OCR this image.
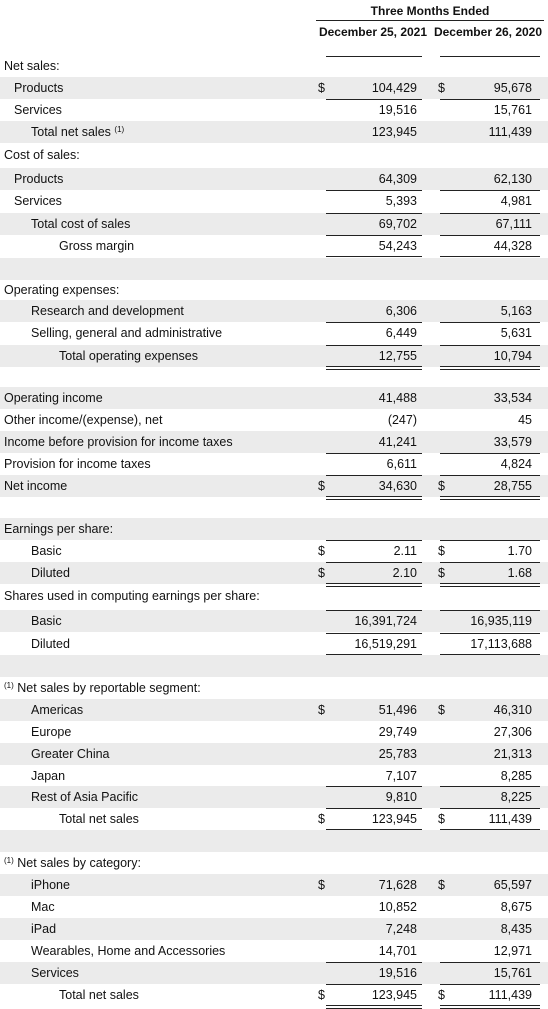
Three Months Ended
December 25, 2021 December 26, 2020
Net sales:
Products	$	104,429 $	95,678
Services	19,516	15,761
Total net sales $^{(1)}$	123,945	111,439
Cost of sales:
Products	64,309	62,130
Services	5,393	4,981
Total cost of sales	69,702	67,111
Gross margin	54,243	44,328
Operating expenses:
Research and development	6,306	5,163
Selling, general and administrative	6,449	5,631
Total operating expenses	12,755	10,794
Operating income	41,488	33,534
Other income/(expense), net	(247)	45
Income before provision for income taxes	41,241	33,579
Provision for income taxes	6,611	4,824
Net income	$	34,630 $	28,755
Earnings per share:
Basic	$	2.11 $	1.70
Diluted	$	2.10 $	1.68
Shares used in computing earnings per share:
Basic	16,391,724	16,935,119
Diluted	16,519,291	17,113,688
$^{(1)}$ Net sales by reportable segment:
Americas	$	51,496 $	46,310
Europe	29,749	27,306
Greater China	25,783	21,313
Japan	7,107	8,285
Rest of Asia Pacific	9,810	8,225
Total net sales	$	123,945 $	111,439
$^{(1)}$ Net sales by category:
iPhone	$	71,628 $	65,597
Mac	10,852	8,675
iPad	7,248	8,435
Wearables, Home and Accessories	14,701	12,971
Services	19,516	15,761
Total net sales	$	123,945 $	111,439
